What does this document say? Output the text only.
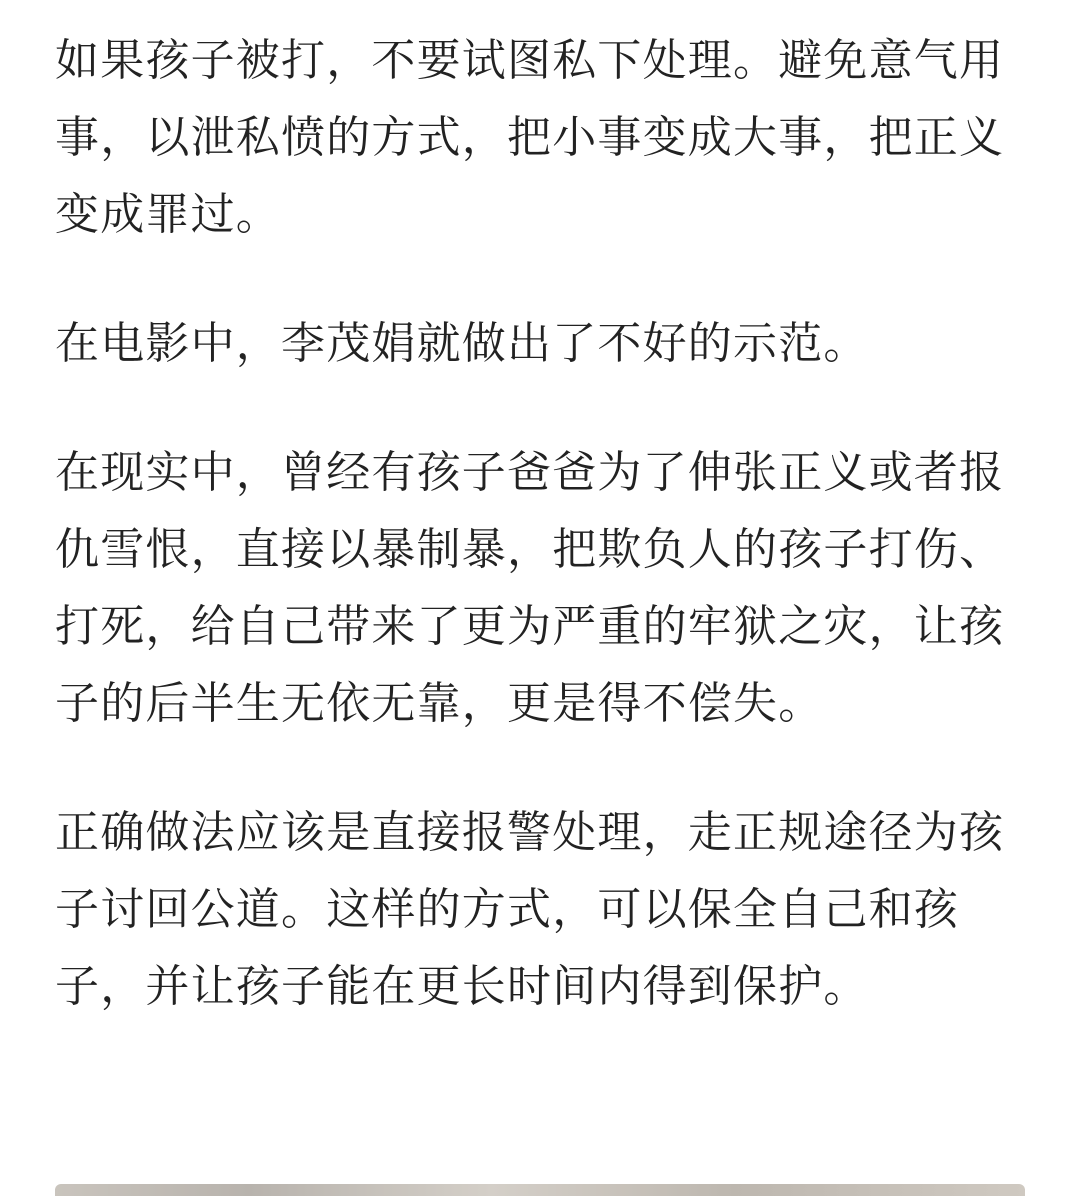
如果孩子被打，不要试图私下处理。避免意气用事，以泄私愤的方式，把小事变成大事，把正义变成罪过。

在电影中，李茂娟就做出了不好的示范。

在现实中，曾经有孩子爸爸为了伸张正义或者报仇雪恨，直接以暴制暴，把欺负人的孩子打伤、打死，给自己带来了更为严重的牢狱之灾，让孩子的后半生无依无靠，更是得不偿失。

正确做法应该是直接报警处理，走正规途径为孩子讨回公道。这样的方式，可以保全自己和孩子，并让孩子能在更长时间内得到保护。
